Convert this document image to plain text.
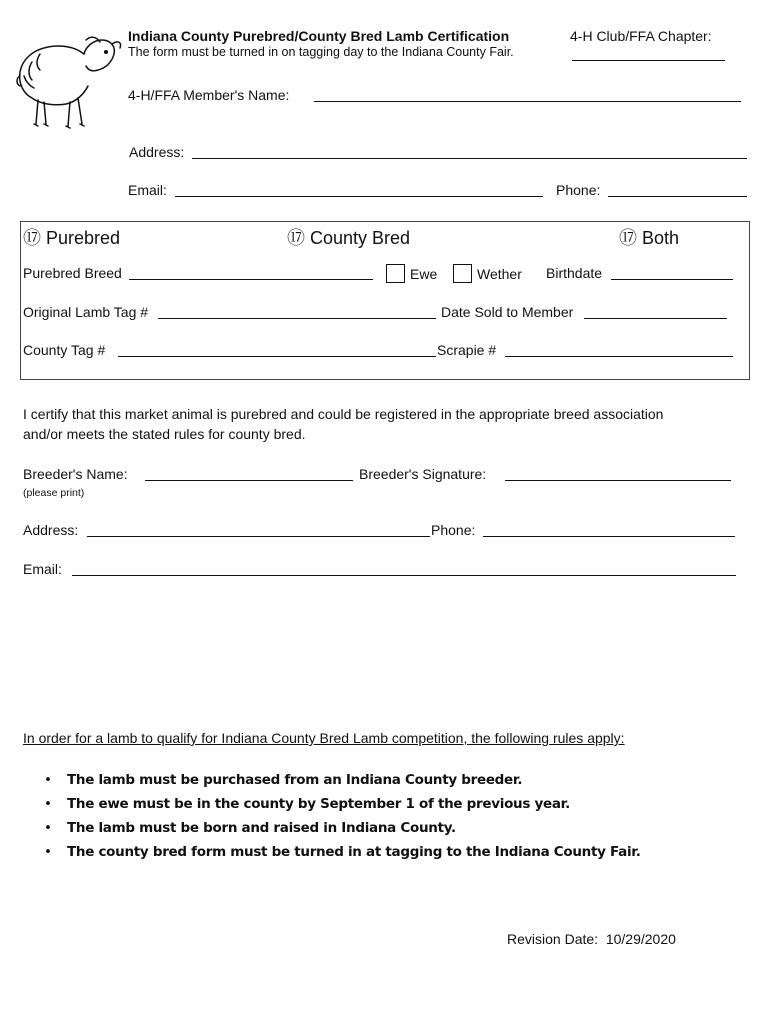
Indiana County Purebred/County Bred Lamb Certification
The form must be turned in on tagging day to the Indiana County Fair.
4-H Club/FFA Chapter:
4-H/FFA Member's Name:
Address:
Email:	Phone:
⑰ Purebred	⑰ County Bred	⑰ Both
Purebred Breed	Ewe	Wether Birthdate
Original Lamb Tag #	Date Sold to Member
County Tag #	Scrapie #
I certify that this market animal is purebred and could be registered in the appropriate breed association
and/or meets the stated rules for county bred.
Breeder's Name:	Breeder's Signature:
(please print)
Address:	Phone:
Email:
In order for a lamb to qualify for Indiana County Bred Lamb competition, the following rules apply:
• The lamb must be purchased from an Indiana County breeder.
• The ewe must be in the county by September 1 of the previous year.
• The lamb must be born and raised in Indiana County.
• The county bred form must be turned in at tagging to the Indiana County Fair.
Revision Date: 10/29/2020
